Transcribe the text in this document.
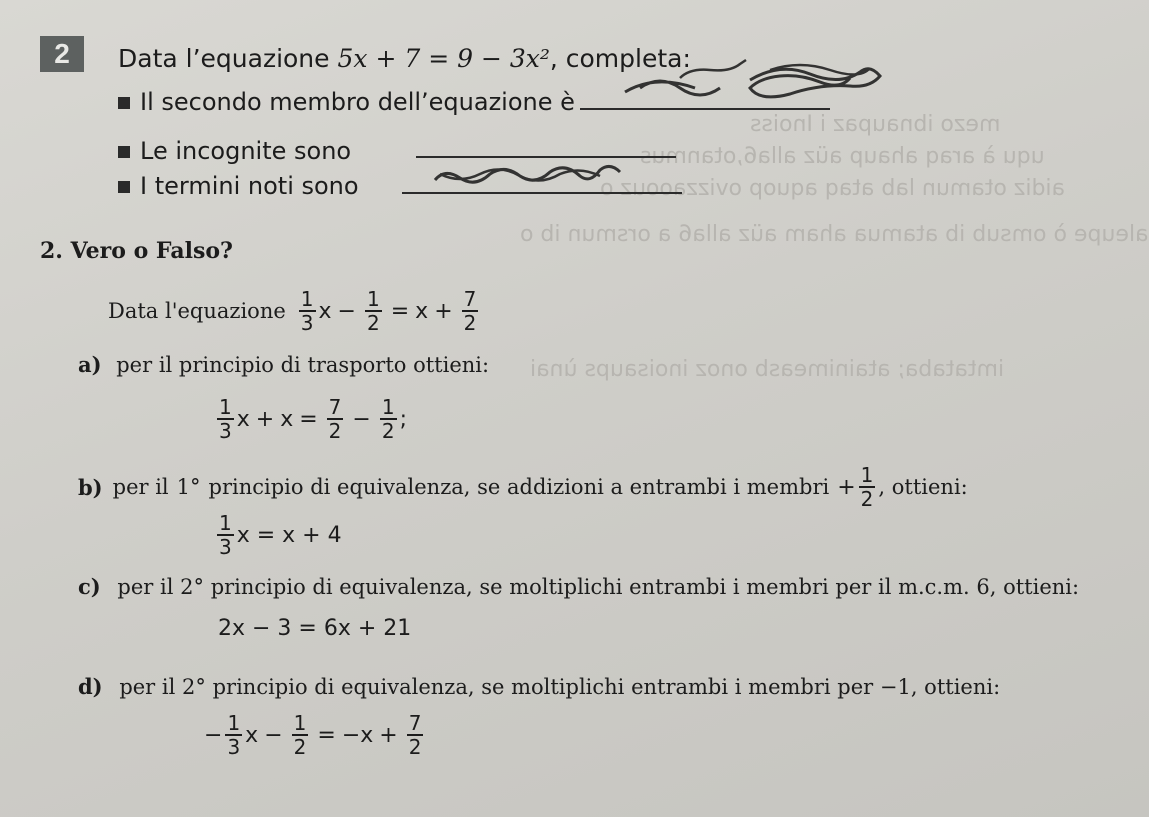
mezo ibnaupaz i Inoiss
uqu à araq ahaup aüz alla6,otanmus
aidiz otamun lab ataq aquop ovizzaoouz o
aleupe ò omsub ib atamua aham aüz alla6 a orsmun ib o
imtataba; atainimeasb onoz inoisaups ùnai
2	Data l’equazione 5x + 7 = 9 − 3x², completa:
Il secondo membro dell’equazione è
Le incognite sono
I termini noti sono
2. Vero o Falso?
Data l'equazione $\frac{1}{3}$ $x - \frac{1}{2} = x + \frac{7}{2}$
a) per il principio di trasporto ottieni:
$\frac{1}{3}$ $x + x = \frac{7}{2} - \frac{1}{2}$ ;
b) per il 1° principio di equivalenza, se addizioni a entrambi i membri + $\frac{1}{2}$ , ottieni:
$\frac{1}{3}$ x = x + 4
c) per il 2° principio di equivalenza, se moltiplichi entrambi i membri per il m.c.m. 6, ottieni:
2x − 3 = 6x + 21
d) per il 2° principio di equivalenza, se moltiplichi entrambi i membri per −1, ottieni:
− $\frac{1}{3}$ $x - \frac{1}{2} = -x + \frac{7}{2}$
